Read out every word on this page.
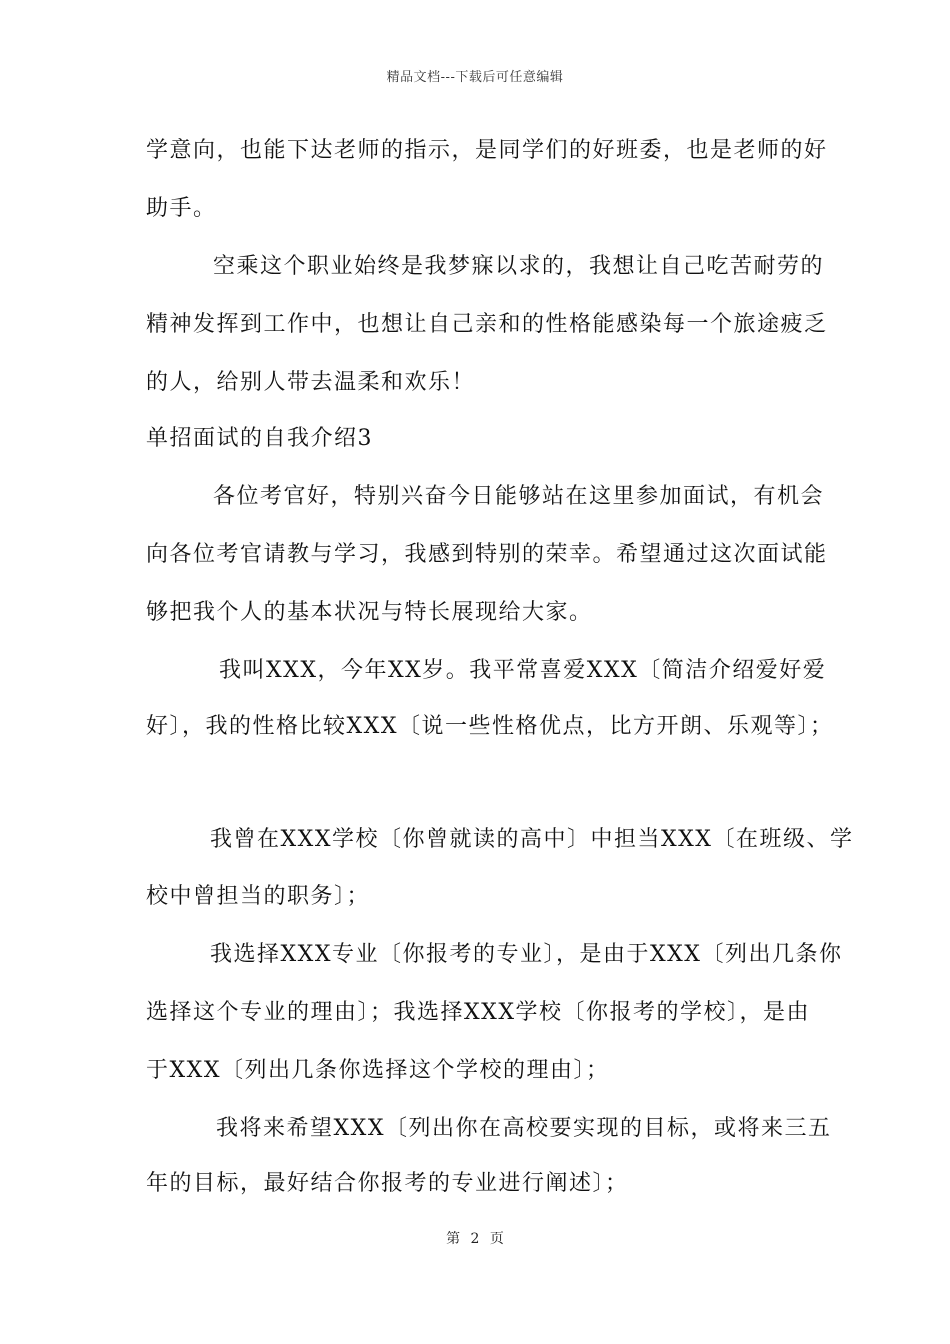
精品文档---下载后可任意编辑
学意向，也能下达老师的指示，是同学们的好班委，也是老师的好
助手。
空乘这个职业始终是我梦寐以求的，我想让自己吃苦耐劳的
精神发挥到工作中，也想让自己亲和的性格能感染每一个旅途疲乏
的人，给别人带去温柔和欢乐！
单招面试的自我介绍3
各位考官好，特别兴奋今日能够站在这里参加面试，有机会
向各位考官请教与学习，我感到特别的荣幸。希望通过这次面试能
够把我个人的基本状况与特长展现给大家。
我叫XXX，今年XX岁。我平常喜爱XXX〔简洁介绍爱好爱
好〕，我的性格比较XXX〔说一些性格优点，比方开朗、乐观等〕；
我曾在XXX学校〔你曾就读的高中〕中担当XXX〔在班级、学
校中曾担当的职务〕；
我选择XXX专业〔你报考的专业〕，是由于XXX〔列出几条你
选择这个专业的理由〕；我选择XXX学校〔你报考的学校〕，是由
于XXX〔列出几条你选择这个学校的理由〕；
我将来希望XXX〔列出你在高校要实现的目标，或将来三五
年的目标，最好结合你报考的专业进行阐述〕；
第 2 页
